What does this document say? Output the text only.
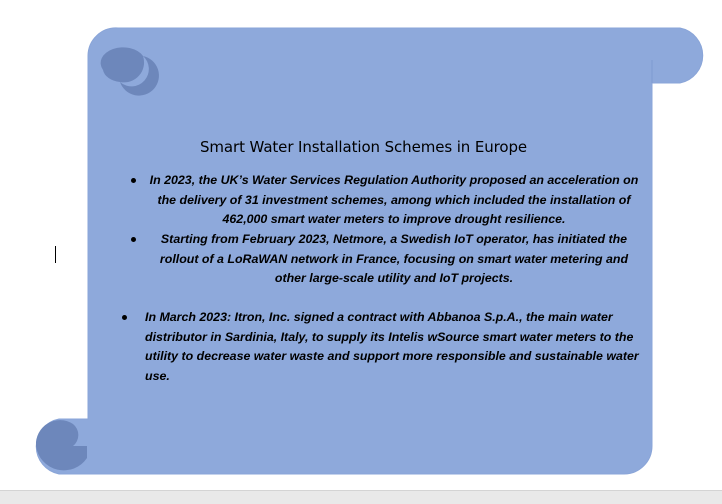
Smart Water Installation Schemes in Europe
In 2023, the UK’s Water Services Regulation Authority proposed an acceleration on the delivery of 31 investment schemes, among which included the installation of 462,000 smart water meters to improve drought resilience.
Starting from February 2023, Netmore, a Swedish IoT operator, has initiated the rollout of a LoRaWAN network in France, focusing on smart water metering and other large-scale utility and IoT projects.
In March 2023: Itron, Inc. signed a contract with Abbanoa S.p.A., the main water distributor in Sardinia, Italy, to supply its Intelis wSource smart water meters to the utility to decrease water waste and support more responsible and sustainable water use.
